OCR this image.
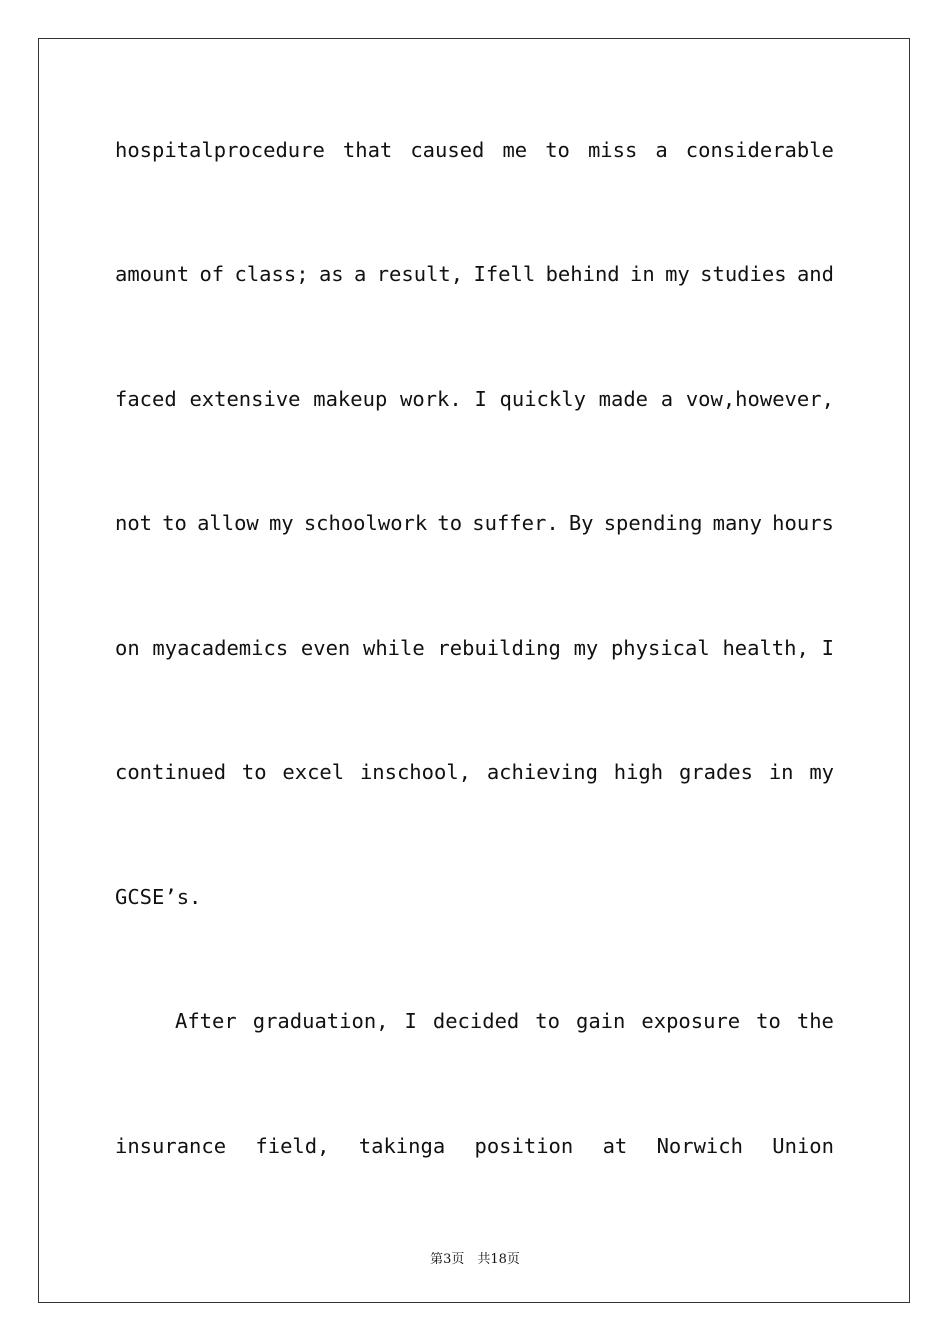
hospitalprocedure that caused me to miss a considerable
amount of class; as a result, Ifell behind in my studies and
faced extensive makeup work. I quickly made a vow,however,
not to allow my schoolwork to suffer. By spending many hours
on myacademics even while rebuilding my physical health, I
continued to excel inschool, achieving high grades in my
GCSE’s.
After graduation, I decided to gain exposure to the
insurance field, takinga position at Norwich Union
第3页　共18页
